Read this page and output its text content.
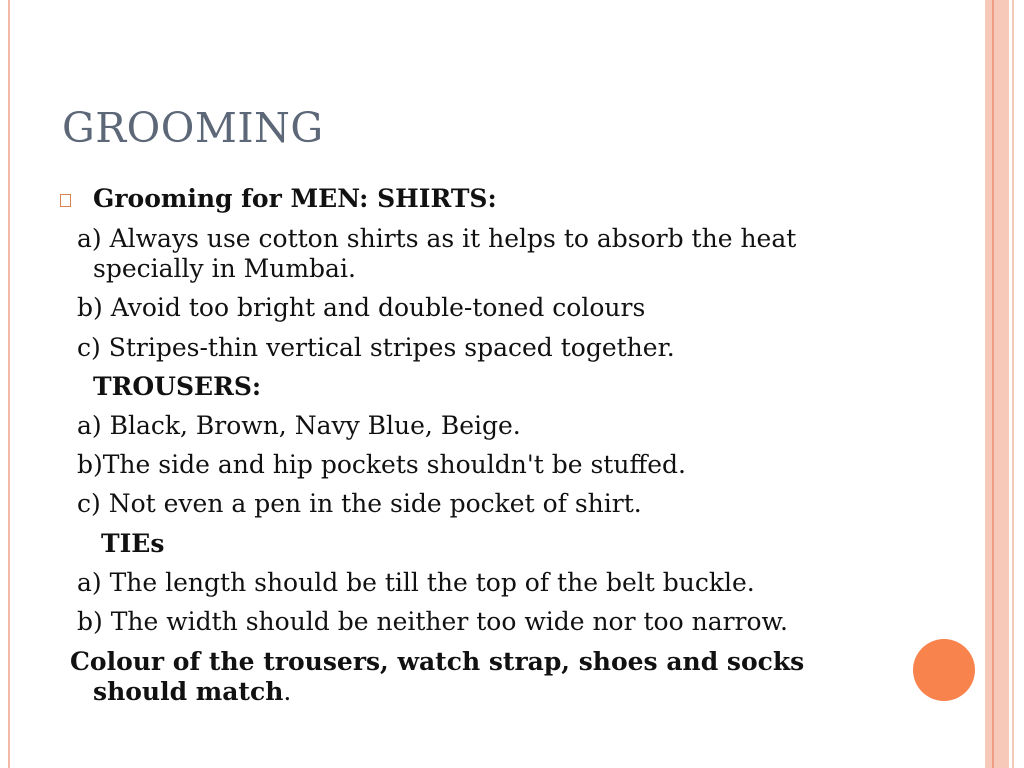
GROOMING
Grooming for MEN: SHIRTS:
a) Always use cotton shirts as it helps to absorb the heat
specially in Mumbai.
b) Avoid too bright and double-toned colours
c) Stripes-thin vertical stripes spaced together.
TROUSERS:
a) Black, Brown, Navy Blue, Beige.
b)The side and hip pockets shouldn't be stuffed.
c) Not even a pen in the side pocket of shirt.
TIEs
a) The length should be till the top of the belt buckle.
b) The width should be neither too wide nor too narrow.
Colour of the trousers, watch strap, shoes and socks
should match.
